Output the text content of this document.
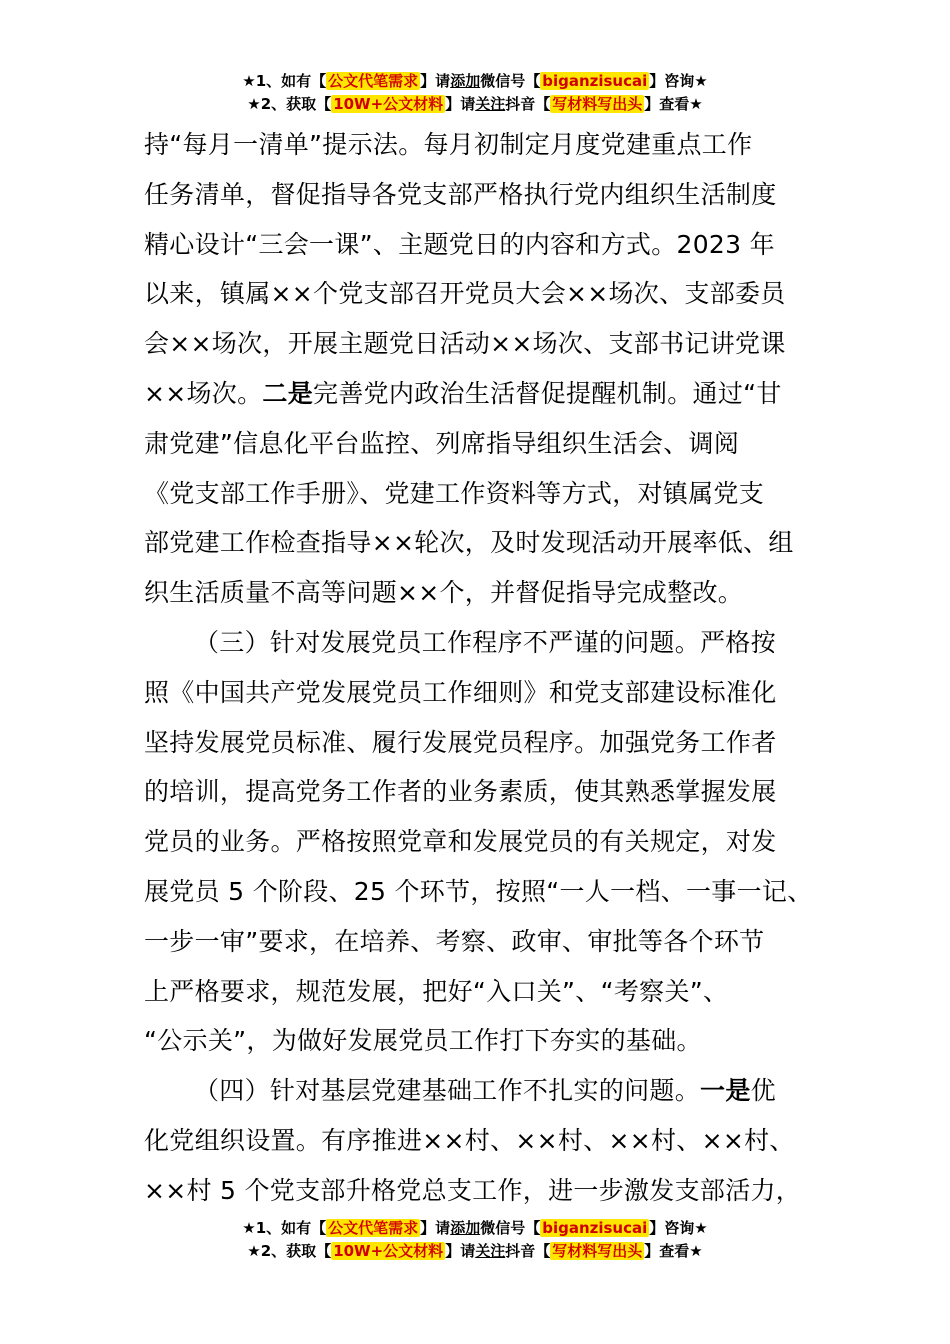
★1、如有【 公文代笔需求 】请添加微信号【 biganzisucai 】咨询★
★2、获取【 10W+公文材料 】请关注抖音【 写材料写出头 】查看★
持“每月一清单”提示法。每月初制定月度党建重点工作
任务清单，督促指导各党支部严格执行党内组织生活制度
精心设计“三会一课”、主题党日的内容和方式。2023 年
以来，镇属××个党支部召开党员大会××场次、支部委员
会××场次，开展主题党日活动××场次、支部书记讲党课
××场次。二是完善党内政治生活督促提醒机制。通过“甘
肃党建”信息化平台监控、列席指导组织生活会、调阅
《党支部工作手册》、党建工作资料等方式，对镇属党支
部党建工作检查指导××轮次，及时发现活动开展率低、组
织生活质量不高等问题××个，并督促指导完成整改。
（三）针对发展党员工作程序不严谨的问题。严格按
照《中国共产党发展党员工作细则》和党支部建设标准化
坚持发展党员标准、履行发展党员程序。加强党务工作者
的培训，提高党务工作者的业务素质，使其熟悉掌握发展
党员的业务。严格按照党章和发展党员的有关规定，对发
展党员 5 个阶段、25 个环节，按照“一人一档、一事一记、
一步一审”要求，在培养、考察、政审、审批等各个环节
上严格要求，规范发展，把好“入口关”、“考察关”、
“公示关”，为做好发展党员工作打下夯实的基础。
（四）针对基层党建基础工作不扎实的问题。一是优
化党组织设置。有序推进××村、××村、××村、××村、
××村 5 个党支部升格党总支工作，进一步激发支部活力，
★1、如有【 公文代笔需求 】请添加微信号【 biganzisucai 】咨询★
★2、获取【 10W+公文材料 】请关注抖音【 写材料写出头 】查看★
